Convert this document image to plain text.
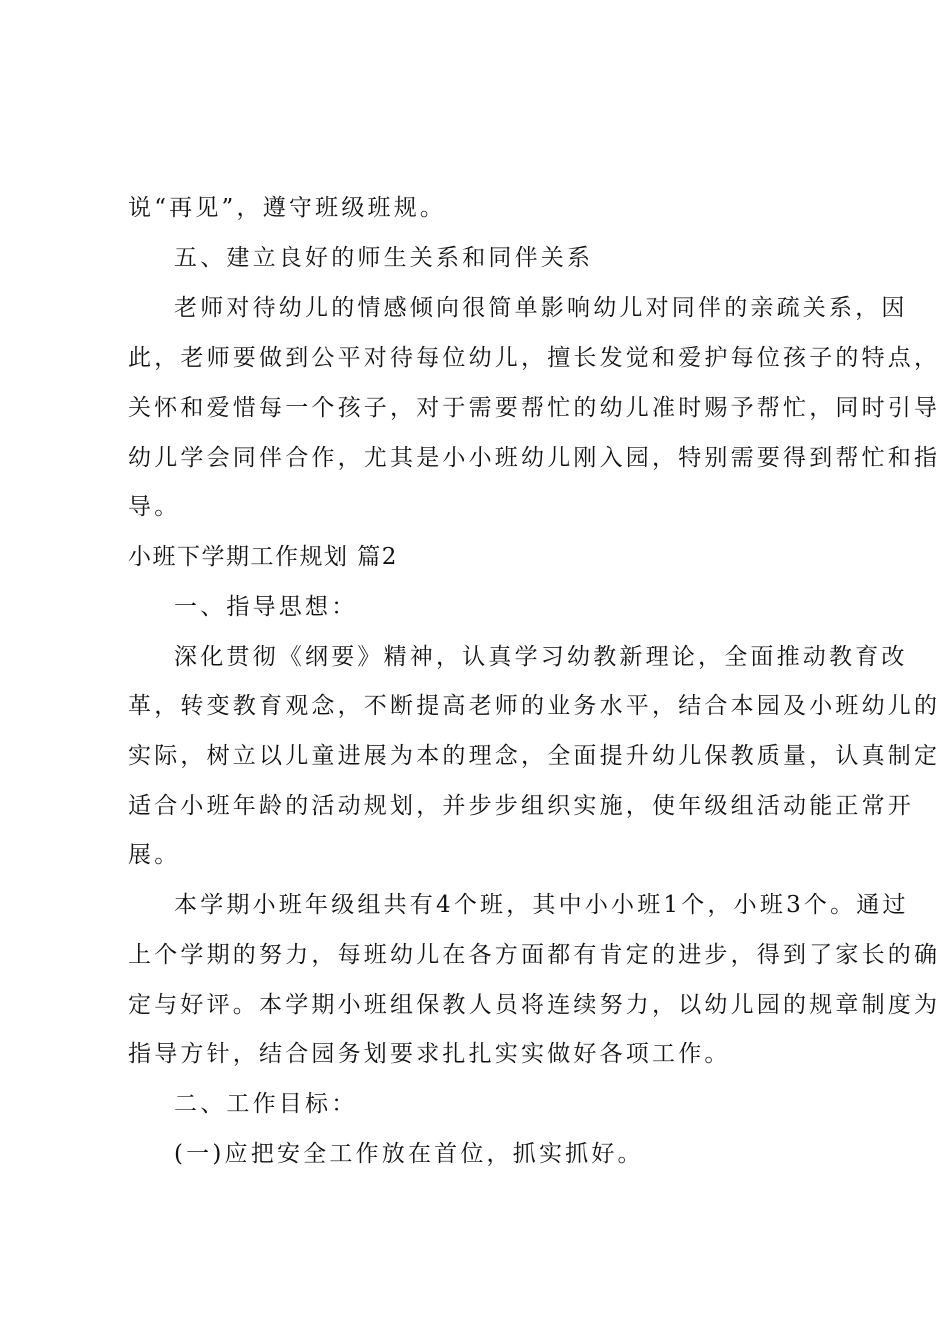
说“再见”，遵守班级班规。
五、建立良好的师生关系和同伴关系
老师对待幼儿的情感倾向很简单影响幼儿对同伴的亲疏关系，因
此，老师要做到公平对待每位幼儿，擅长发觉和爱护每位孩子的特点，
关怀和爱惜每一个孩子，对于需要帮忙的幼儿准时赐予帮忙，同时引导
幼儿学会同伴合作，尤其是小小班幼儿刚入园，特别需要得到帮忙和指
导。
小班下学期工作规划 篇2
一、指导思想：
深化贯彻《纲要》精神，认真学习幼教新理论，全面推动教育改
革，转变教育观念，不断提高老师的业务水平，结合本园及小班幼儿的
实际，树立以儿童进展为本的理念，全面提升幼儿保教质量，认真制定
适合小班年龄的活动规划，并步步组织实施，使年级组活动能正常开
展。
本学期小班年级组共有4个班，其中小小班1个，小班3个。通过
上个学期的努力，每班幼儿在各方面都有肯定的进步，得到了家长的确
定与好评。本学期小班组保教人员将连续努力，以幼儿园的规章制度为
指导方针，结合园务划要求扎扎实实做好各项工作。
二、工作目标：
(一)应把安全工作放在首位，抓实抓好。
